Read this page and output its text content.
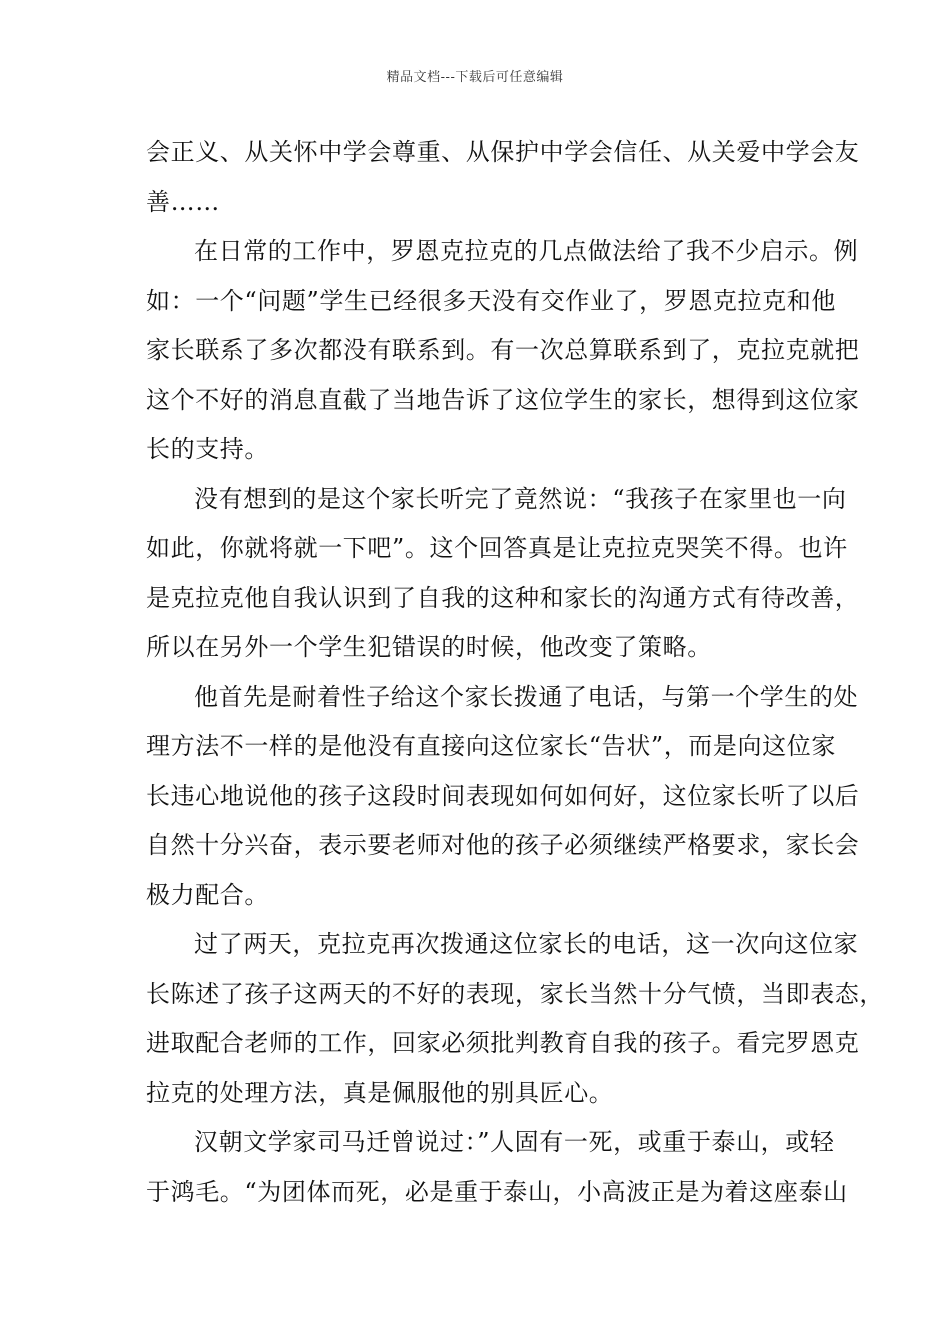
精品文档---下载后可任意编辑
会正义、从关怀中学会尊重、从保护中学会信任、从关爱中学会友
善……
在日常的工作中，罗恩克拉克的几点做法给了我不少启示。例
如：一个“问题”学生已经很多天没有交作业了，罗恩克拉克和他
家长联系了多次都没有联系到。有一次总算联系到了，克拉克就把
这个不好的消息直截了当地告诉了这位学生的家长，想得到这位家
长的支持。
没有想到的是这个家长听完了竟然说：“我孩子在家里也一向
如此，你就将就一下吧”。这个回答真是让克拉克哭笑不得。也许
是克拉克他自我认识到了自我的这种和家长的沟通方式有待改善，
所以在另外一个学生犯错误的时候，他改变了策略。
他首先是耐着性子给这个家长拨通了电话，与第一个学生的处
理方法不一样的是他没有直接向这位家长“告状”，而是向这位家
长违心地说他的孩子这段时间表现如何如何好，这位家长听了以后
自然十分兴奋，表示要老师对他的孩子必须继续严格要求，家长会
极力配合。
过了两天，克拉克再次拨通这位家长的电话，这一次向这位家
长陈述了孩子这两天的不好的表现，家长当然十分气愤，当即表态，
进取配合老师的工作，回家必须批判教育自我的孩子。看完罗恩克
拉克的处理方法，真是佩服他的别具匠心。
汉朝文学家司马迁曾说过：”人固有一死，或重于泰山，或轻
于鸿毛。“为团体而死，必是重于泰山，小高波正是为着这座泰山
